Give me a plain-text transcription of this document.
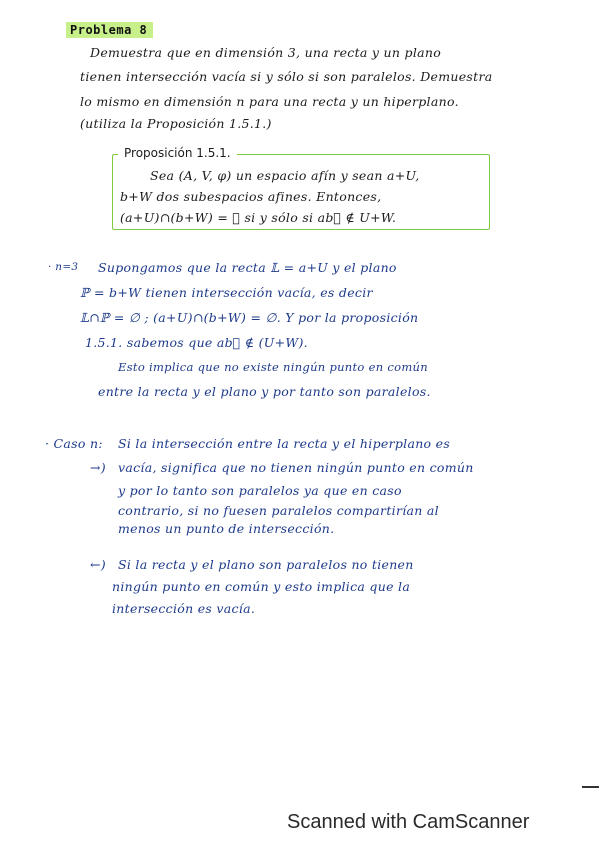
Problema 8
Demuestra que en dimensión 3, una recta y un plano
tienen intersección vacía si y sólo si son paralelos. Demuestra
lo mismo en dimensión n para una recta y un hiperplano.
(utiliza la Proposición 1.5.1.)
Proposición 1.5.1.
Sea (A, V, φ) un espacio afín y sean a+U,
b+W dos subespacios afines. Entonces,
(a+U)∩(b+W) = ∅ si y sólo si ab⃗ ∉ U+W.
· n=3 Supongamos que la recta 𝕃 = a+U y el plano
ℙ = b+W tienen intersección vacía, es decir
𝕃∩ℙ = ∅ ; (a+U)∩(b+W) = ∅. Y por la proposición
1.5.1. sabemos que ab⃗ ∉ (U+W).
Esto implica que no existe ningún punto en común
entre la recta y el plano y por tanto son paralelos.
· Caso n: Si la intersección entre la recta y el hiperplano es
→) vacía, significa que no tienen ningún punto en común
y por lo tanto son paralelos ya que en caso
contrario, si no fuesen paralelos compartirían al
menos un punto de intersección.
←) Si la recta y el plano son paralelos no tienen
ningún punto en común y esto implica que la
intersección es vacía.
Scanned with CamScanner
